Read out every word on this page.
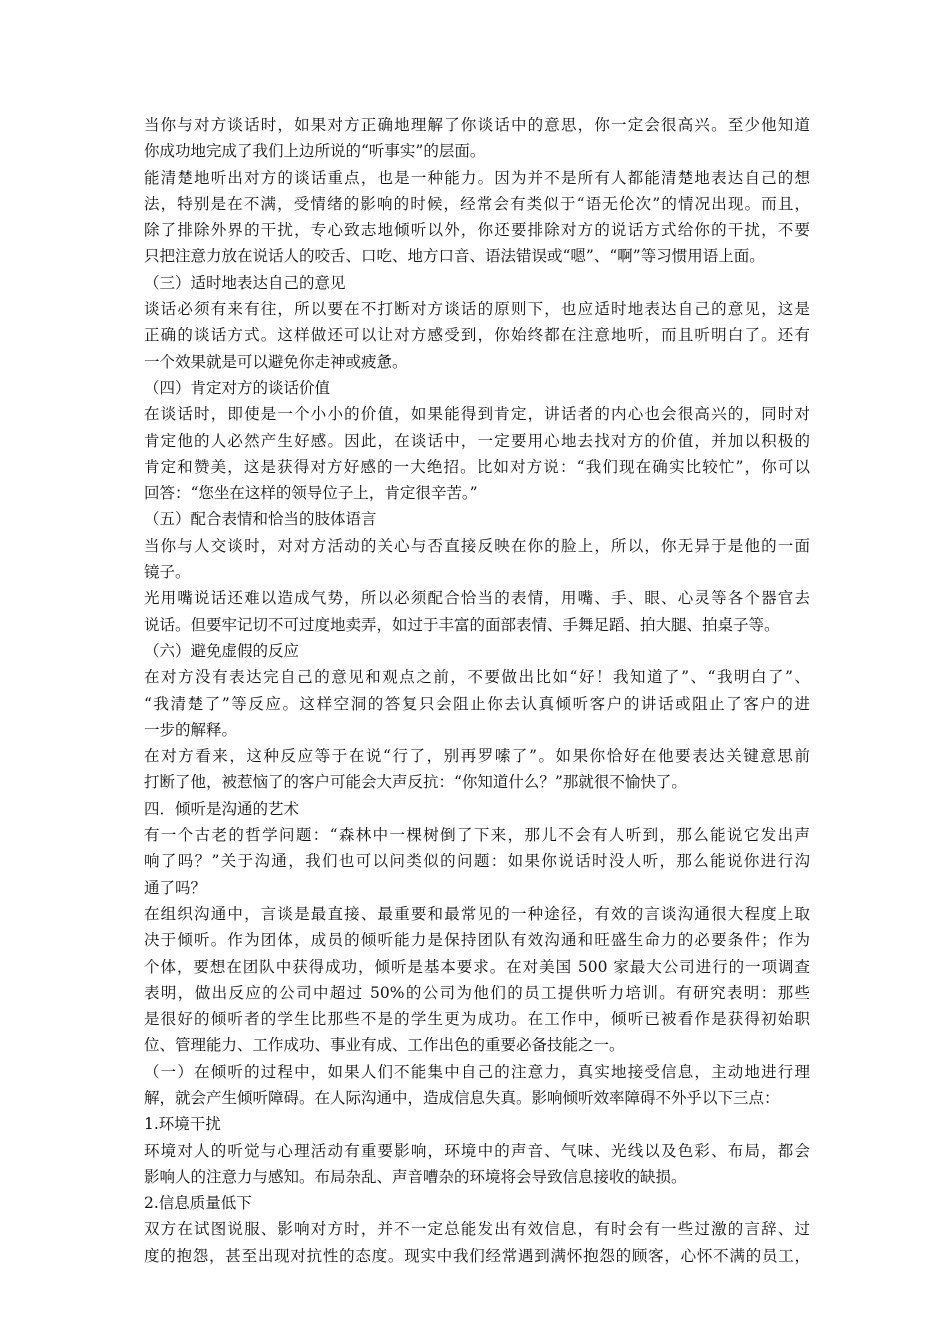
当你与对方谈话时，如果对方正确地理解了你谈话中的意思，你一定会很高兴。至少他知道
你成功地完成了我们上边所说的“听事实”的层面。
能清楚地听出对方的谈话重点，也是一种能力。因为并不是所有人都能清楚地表达自己的想
法，特别是在不满，受情绪的影响的时候，经常会有类似于“语无伦次”的情况出现。而且，
除了排除外界的干扰，专心致志地倾听以外，你还要排除对方的说话方式给你的干扰，不要
只把注意力放在说话人的咬舌、口吃、地方口音、语法错误或“嗯”、“啊”等习惯用语上面。
（三）适时地表达自己的意见
谈话必须有来有往，所以要在不打断对方谈话的原则下，也应适时地表达自己的意见，这是
正确的谈话方式。这样做还可以让对方感受到，你始终都在注意地听，而且听明白了。还有
一个效果就是可以避免你走神或疲惫。
（四）肯定对方的谈话价值
在谈话时，即使是一个小小的价值，如果能得到肯定，讲话者的内心也会很高兴的，同时对
肯定他的人必然产生好感。因此，在谈话中，一定要用心地去找对方的价值，并加以积极的
肯定和赞美，这是获得对方好感的一大绝招。比如对方说：“我们现在确实比较忙”，你可以
回答：“您坐在这样的领导位子上，肯定很辛苦。”
（五）配合表情和恰当的肢体语言
当你与人交谈时，对对方活动的关心与否直接反映在你的脸上，所以，你无异于是他的一面
镜子。
光用嘴说话还难以造成气势，所以必须配合恰当的表情，用嘴、手、眼、心灵等各个器官去
说话。但要牢记切不可过度地卖弄，如过于丰富的面部表情、手舞足蹈、拍大腿、拍桌子等。
（六）避免虚假的反应
在对方没有表达完自己的意见和观点之前，不要做出比如“好！我知道了”、“我明白了”、
“我清楚了”等反应。这样空洞的答复只会阻止你去认真倾听客户的讲话或阻止了客户的进
一步的解释。
在对方看来，这种反应等于在说“行了，别再罗嗦了”。如果你恰好在他要表达关键意思前
打断了他，被惹恼了的客户可能会大声反抗：“你知道什么？”那就很不愉快了。
四．倾听是沟通的艺术
有一个古老的哲学问题：“森林中一棵树倒了下来，那儿不会有人听到，那么能说它发出声
响了吗？”关于沟通，我们也可以问类似的问题：如果你说话时没人听，那么能说你进行沟
通了吗？
在组织沟通中，言谈是最直接、最重要和最常见的一种途径，有效的言谈沟通很大程度上取
决于倾听。作为团体，成员的倾听能力是保持团队有效沟通和旺盛生命力的必要条件；作为
个体，要想在团队中获得成功，倾听是基本要求。在对美国 500 家最大公司进行的一项调查
表明，做出反应的公司中超过 50%的公司为他们的员工提供听力培训。有研究表明：那些
是很好的倾听者的学生比那些不是的学生更为成功。在工作中，倾听已被看作是获得初始职
位、管理能力、工作成功、事业有成、工作出色的重要必备技能之一。
（一）在倾听的过程中，如果人们不能集中自己的注意力，真实地接受信息，主动地进行理
解，就会产生倾听障碍。在人际沟通中，造成信息失真。影响倾听效率障碍不外乎以下三点：
1.环境干扰
环境对人的听觉与心理活动有重要影响，环境中的声音、气味、光线以及色彩、布局，都会
影响人的注意力与感知。布局杂乱、声音嘈杂的环境将会导致信息接收的缺损。
2.信息质量低下
双方在试图说服、影响对方时，并不一定总能发出有效信息，有时会有一些过激的言辞、过
度的抱怨，甚至出现对抗性的态度。现实中我们经常遇到满怀抱怨的顾客，心怀不满的员工，
